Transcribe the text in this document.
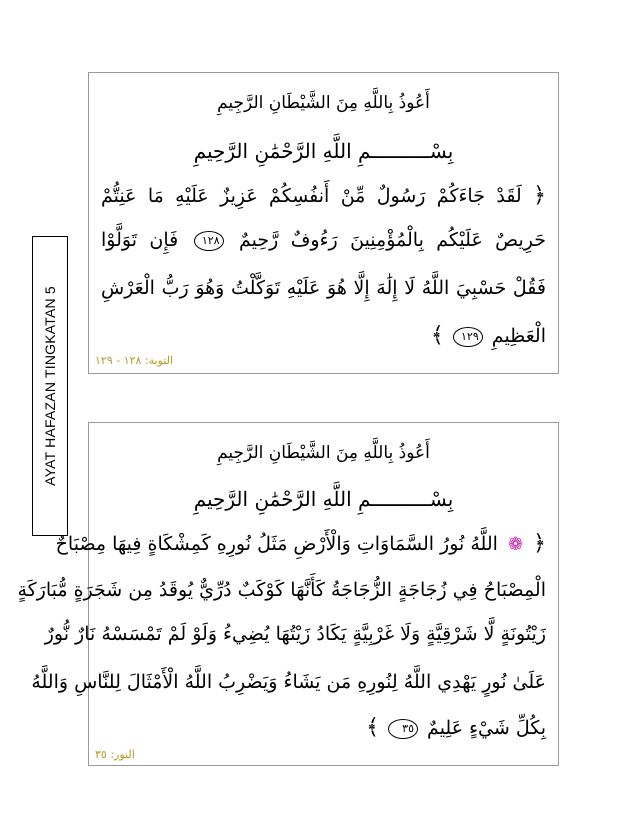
AYAT HAFAZAN TINGKATAN 5
أَعُوذُ بِاللَّهِ مِنَ الشَّيْطَانِ الرَّجِيمِ
بِسْــــــــــمِ اللَّهِ الرَّحْمَٰنِ الرَّحِيمِ
﴿ لَقَدْ جَاءَكُمْ رَسُولٌ مِّنْ أَنفُسِكُمْ عَزِيزٌ عَلَيْهِ مَا عَنِتُّمْ
حَرِيصٌ عَلَيْكُم بِالْمُؤْمِنِينَ رَءُوفٌ رَّحِيمٌ ١٢٨ فَإِن تَوَلَّوْا
فَقُلْ حَسْبِيَ اللَّهُ لَا إِلَٰهَ إِلَّا هُوَ عَلَيْهِ تَوَكَّلْتُ وَهُوَ رَبُّ الْعَرْشِ
الْعَظِيمِ ١٢٩ ﴾
التوبة: ١٢٨ - ١٢٩
أَعُوذُ بِاللَّهِ مِنَ الشَّيْطَانِ الرَّجِيمِ
بِسْــــــــــمِ اللَّهِ الرَّحْمَٰنِ الرَّحِيمِ
﴿ ❁ اللَّهُ نُورُ السَّمَاوَاتِ وَالْأَرْضِ مَثَلُ نُورِهِ كَمِشْكَاةٍ فِيهَا مِصْبَاحٌ
الْمِصْبَاحُ فِي زُجَاجَةٍ الزُّجَاجَةُ كَأَنَّهَا كَوْكَبٌ دُرِّيٌّ يُوقَدُ مِن شَجَرَةٍ مُّبَارَكَةٍ
زَيْتُونَةٍ لَّا شَرْقِيَّةٍ وَلَا غَرْبِيَّةٍ يَكَادُ زَيْتُهَا يُضِيءُ وَلَوْ لَمْ تَمْسَسْهُ نَارٌ نُّورٌ
عَلَىٰ نُورٍ يَهْدِي اللَّهُ لِنُورِهِ مَن يَشَاءُ وَيَضْرِبُ اللَّهُ الْأَمْثَالَ لِلنَّاسِ وَاللَّهُ
بِكُلِّ شَيْءٍ عَلِيمٌ ٣٥ ﴾
النور: ٣٥
